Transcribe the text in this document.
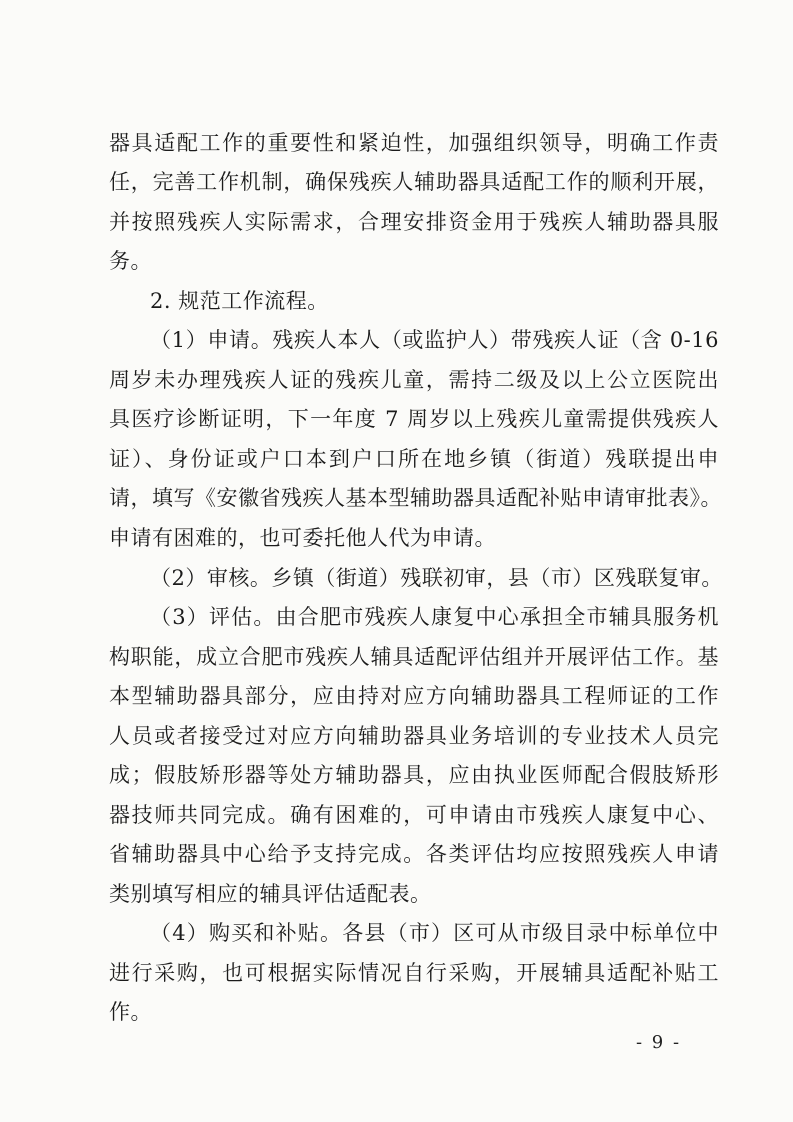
器具适配工作的重要性和紧迫性，加强组织领导，明确工作责
任，完善工作机制，确保残疾人辅助器具适配工作的顺利开展，
并按照残疾人实际需求，合理安排资金用于残疾人辅助器具服
务。
2. 规范工作流程。
（1）申请。残疾人本人（或监护人）带残疾人证（含 0-16
周岁未办理残疾人证的残疾儿童，需持二级及以上公立医院出
具医疗诊断证明，下一年度 7 周岁以上残疾儿童需提供残疾人
证）、身份证或户口本到户口所在地乡镇（街道）残联提出申
请，填写《安徽省残疾人基本型辅助器具适配补贴申请审批表》。
申请有困难的，也可委托他人代为申请。
（2）审核。乡镇（街道）残联初审，县（市）区残联复审。
（3）评估。由合肥市残疾人康复中心承担全市辅具服务机
构职能，成立合肥市残疾人辅具适配评估组并开展评估工作。基
本型辅助器具部分，应由持对应方向辅助器具工程师证的工作
人员或者接受过对应方向辅助器具业务培训的专业技术人员完
成；假肢矫形器等处方辅助器具，应由执业医师配合假肢矫形
器技师共同完成。确有困难的，可申请由市残疾人康复中心、
省辅助器具中心给予支持完成。各类评估均应按照残疾人申请
类别填写相应的辅具评估适配表。
（4）购买和补贴。各县（市）区可从市级目录中标单位中
进行采购，也可根据实际情况自行采购，开展辅具适配补贴工
作。
- 9 -
